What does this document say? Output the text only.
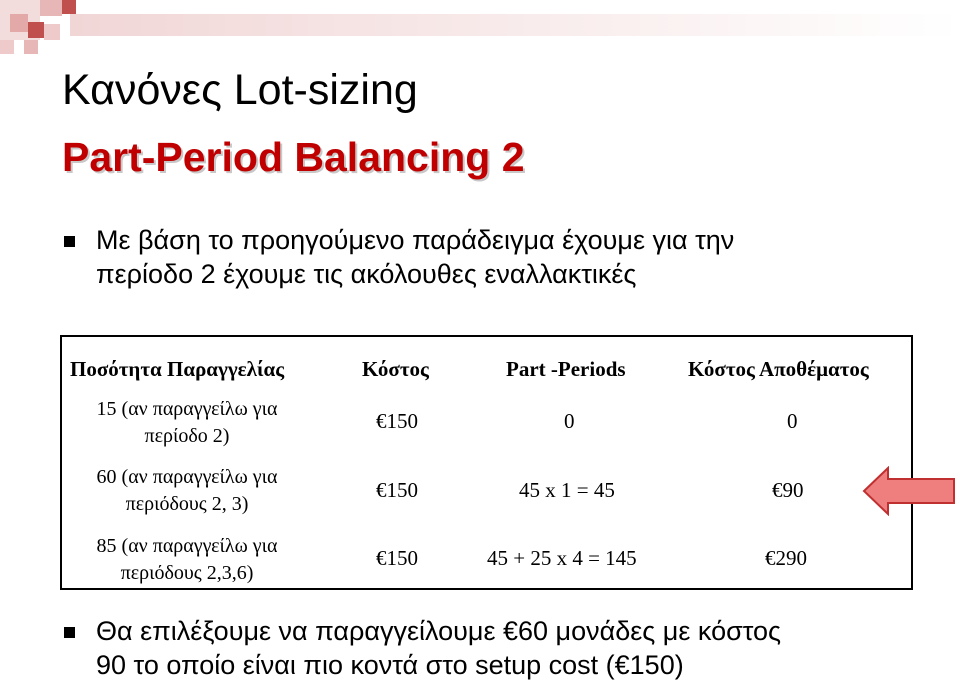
Κανόνες Lot-sizing
Part-Period Balancing 2
Με βάση το προηγούμενο παράδειγμα έχουμε για την
περίοδο 2 έχουμε τις ακόλουθες εναλλακτικές
Ποσότητα Παραγγελίας	Κόστος	Part -Periods	Κόστος Αποθέματος
15 (αν παραγγείλω για
περίοδο 2)
€150	0	0
60 (αν παραγγείλω για
περιόδους 2, 3)
€150	45 x 1 = 45	€90
85 (αν παραγγείλω για
περιόδους 2,3,6)
€150	45 + 25 x 4 = 145	€290
Θα επιλέξουμε να παραγγείλουμε €60 μονάδες με κόστος
90 το οποίο είναι πιο κοντά στο setup cost (€150)
